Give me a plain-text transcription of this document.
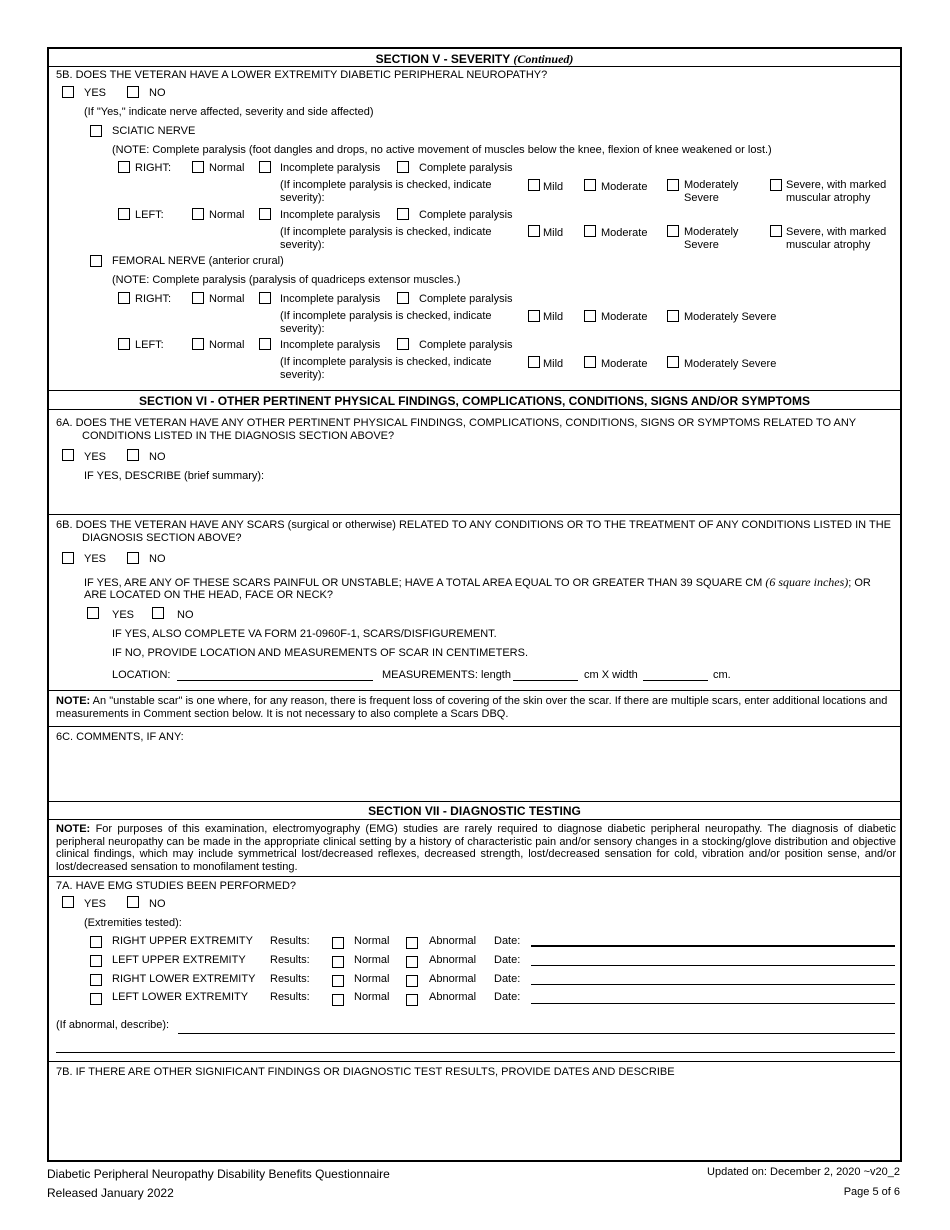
SECTION V - SEVERITY (Continued)
5B. DOES THE VETERAN HAVE A LOWER EXTREMITY DIABETIC PERIPHERAL NEUROPATHY?
YES	NO
(If "Yes," indicate nerve affected, severity and side affected)
SCIATIC NERVE
(NOTE: Complete paralysis (foot dangles and drops, no active movement of muscles below the knee, flexion of knee weakened or lost.)
RIGHT:	Normal	Incomplete paralysis	Complete paralysis
(If incomplete paralysis is checked, indicate severity):
Mild	Moderate	Moderately Severe
Severe, with marked muscular atrophy
LEFT:	Normal	Incomplete paralysis	Complete paralysis
(If incomplete paralysis is checked, indicate severity):
Mild	Moderate	Moderately Severe
Severe, with marked muscular atrophy
FEMORAL NERVE (anterior crural)
(NOTE: Complete paralysis (paralysis of quadriceps extensor muscles.)
RIGHT:	Normal	Incomplete paralysis	Complete paralysis
(If incomplete paralysis is checked, indicate severity):
Mild	Moderate	Moderately Severe
LEFT:	Normal	Incomplete paralysis	Complete paralysis
(If incomplete paralysis is checked, indicate severity):
Mild	Moderate	Moderately Severe
SECTION VI - OTHER PERTINENT PHYSICAL FINDINGS, COMPLICATIONS, CONDITIONS, SIGNS AND/OR SYMPTOMS
6A. DOES THE VETERAN HAVE ANY OTHER PERTINENT PHYSICAL FINDINGS, COMPLICATIONS, CONDITIONS, SIGNS OR SYMPTOMS RELATED TO ANY
CONDITIONS LISTED IN THE DIAGNOSIS SECTION ABOVE?
YES	NO
IF YES, DESCRIBE (brief summary):
6B. DOES THE VETERAN HAVE ANY SCARS (surgical or otherwise) RELATED TO ANY CONDITIONS OR TO THE TREATMENT OF ANY CONDITIONS LISTED IN THE
DIAGNOSIS SECTION ABOVE?
YES	NO
IF YES, ARE ANY OF THESE SCARS PAINFUL OR UNSTABLE; HAVE A TOTAL AREA EQUAL TO OR GREATER THAN 39 SQUARE CM (6 square inches); OR
ARE LOCATED ON THE HEAD, FACE OR NECK?
YES	NO
IF YES, ALSO COMPLETE VA FORM 21-0960F-1, SCARS/DISFIGUREMENT.
IF NO, PROVIDE LOCATION AND MEASUREMENTS OF SCAR IN CENTIMETERS.
LOCATION:	MEASUREMENTS: length	cm X width	cm.
NOTE: An "unstable scar" is one where, for any reason, there is frequent loss of covering of the skin over the scar. If there are multiple scars, enter additional locations and measurements in Comment section below. It is not necessary to also complete a Scars DBQ.
6C. COMMENTS, IF ANY:
SECTION VII - DIAGNOSTIC TESTING
NOTE: For purposes of this examination, electromyography (EMG) studies are rarely required to diagnose diabetic peripheral neuropathy. The diagnosis of diabetic peripheral neuropathy can be made in the appropriate clinical setting by a history of characteristic pain and/or sensory changes in a stocking/glove distribution and objective clinical findings, which may include symmetrical lost/decreased reflexes, decreased strength, lost/decreased sensation for cold, vibration and/or position sense, and/or lost/decreased sensation to monofilament testing.
7A. HAVE EMG STUDIES BEEN PERFORMED?
YES	NO
(Extremities tested):
RIGHT UPPER EXTREMITY Results:	Normal	Abnormal Date:
LEFT UPPER EXTREMITY Results:	Normal	Abnormal Date:
RIGHT LOWER EXTREMITY Results:	Normal	Abnormal Date:
LEFT LOWER EXTREMITY Results:	Normal	Abnormal Date:
(If abnormal, describe):
7B. IF THERE ARE OTHER SIGNIFICANT FINDINGS OR DIAGNOSTIC TEST RESULTS, PROVIDE DATES AND DESCRIBE
Diabetic Peripheral Neuropathy Disability Benefits Questionnaire
Released January 2022
Updated on: December 2, 2020 ~v20_2
Page 5 of 6
